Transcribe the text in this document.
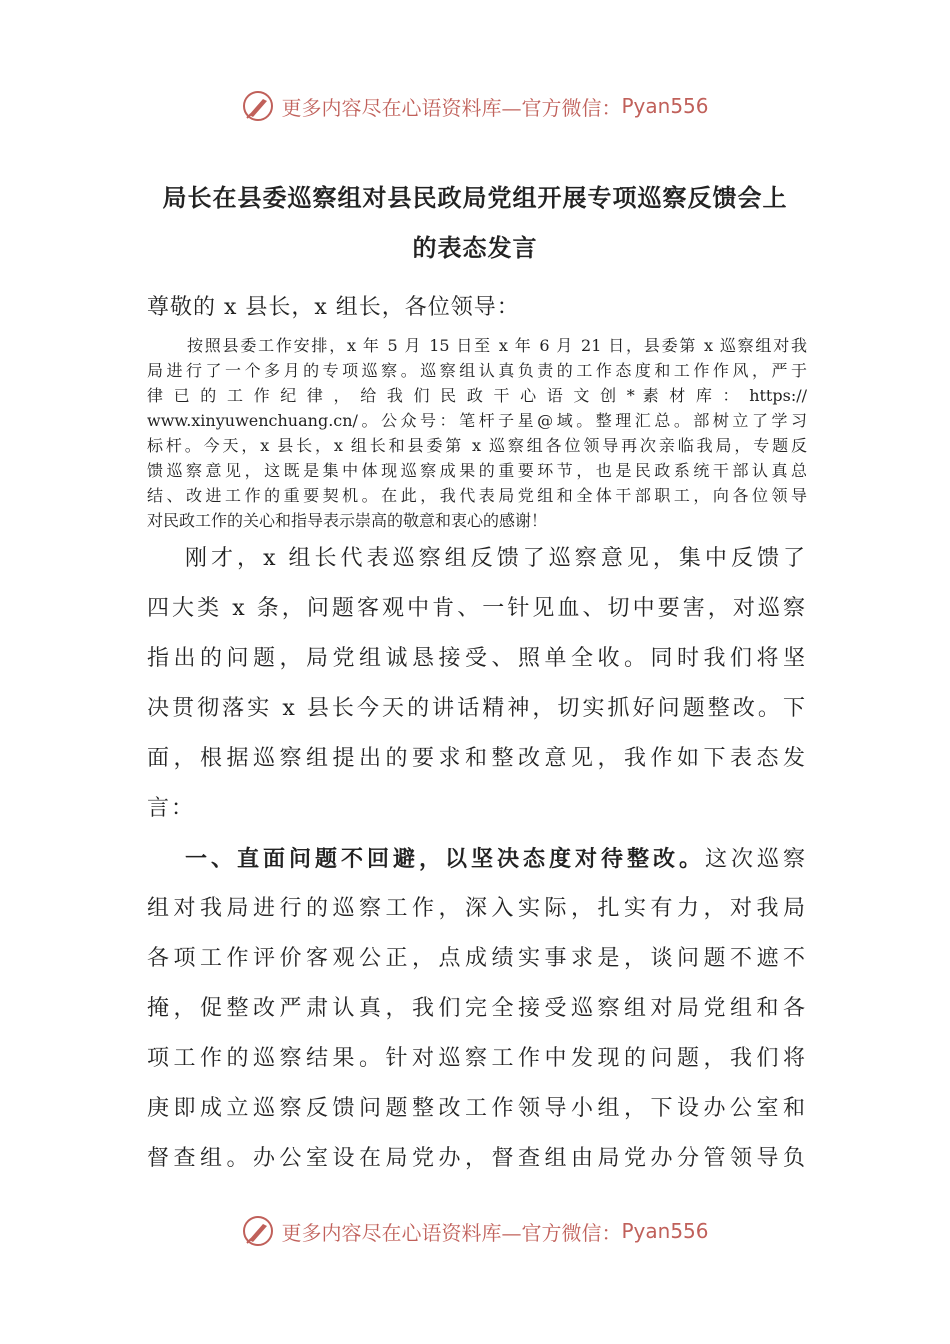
更多内容尽在心语资料库—官方微信： Pyan556
局长在县委巡察组对县民政局党组开展专项巡察反馈会上
的表态发言
尊敬的 x 县长，x 组长，各位领导：
按照县委工作安排，x 年 5 月 15 日至 x 年 6 月 21 日，县委第 x 巡察组对我
局进行了一个多月的专项巡察。巡察组认真负责的工作态度和工作作风，严于
律 已 的 工 作 纪 律 ， 给 我 们 民 政 干 心 语 文 创 * 素 材 库 ： https://
www.xinyuwenchuang.cn/。公众号：笔杆子星@域。整理汇总。部树立了学习
标杆。今天，x 县长，x 组长和县委第 x 巡察组各位领导再次亲临我局，专题反
馈巡察意见，这既是集中体现巡察成果的重要环节，也是民政系统干部认真总
结、改进工作的重要契机。在此，我代表局党组和全体干部职工，向各位领导
对民政工作的关心和指导表示崇高的敬意和衷心的感谢！
刚才，x 组长代表巡察组反馈了巡察意见，集中反馈了
四大类 x 条，问题客观中肯、一针见血、切中要害，对巡察
指出的问题，局党组诚恳接受、照单全收。同时我们将坚
决贯彻落实 x 县长今天的讲话精神，切实抓好问题整改。下
面，根据巡察组提出的要求和整改意见，我作如下表态发
言：
一、直面问题不回避，以坚决态度对待整改。这次巡察
组对我局进行的巡察工作，深入实际，扎实有力，对我局
各项工作评价客观公正，点成绩实事求是，谈问题不遮不
掩，促整改严肃认真，我们完全接受巡察组对局党组和各
项工作的巡察结果。针对巡察工作中发现的问题，我们将
庚即成立巡察反馈问题整改工作领导小组，下设办公室和
督查组。办公室设在局党办，督查组由局党办分管领导负
更多内容尽在心语资料库—官方微信： Pyan556
